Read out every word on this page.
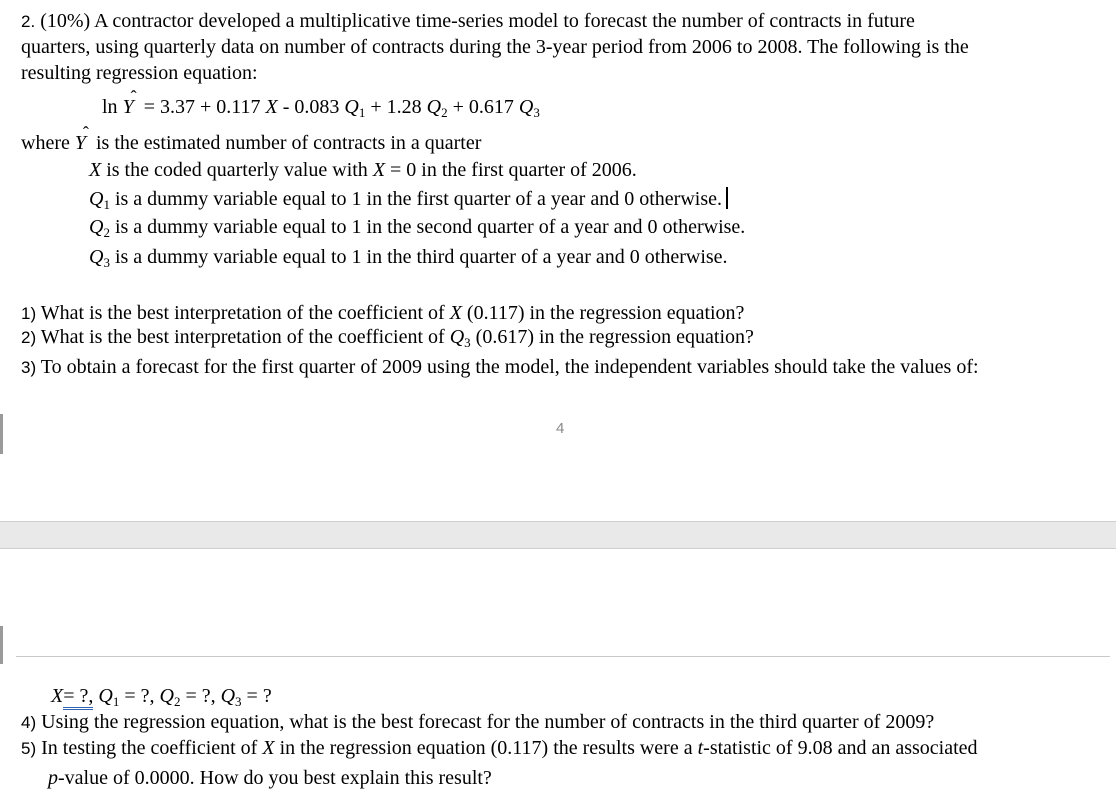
2. (10%) A contractor developed a multiplicative time-series model to forecast the number of contracts in future
quarters, using quarterly data on number of contracts during the 3-year period from 2006 to 2008. The following is the
resulting regression equation:
ln Y ˆ = 3.37 + 0.117 X - 0.083 $Q_1 + 1.28$ $Q_2 + 0.617$ $Q_3$
where Y ˆ is the estimated number of contracts in a quarter
X is the coded quarterly value with X = 0 in the first quarter of 2006.
$Q_1$ is a dummy variable equal to 1 in the first quarter of a year and 0 otherwise.
$Q_2$ is a dummy variable equal to 1 in the second quarter of a year and 0 otherwise.
$Q_3$ is a dummy variable equal to 1 in the third quarter of a year and 0 otherwise.
1) What is the best interpretation of the coefficient of X (0.117) in the regression equation?
2) What is the best interpretation of the coefficient of $Q_3$ (0.617) in the regression equation?
3) To obtain a forecast for the first quarter of 2009 using the model, the independent variables should take the values of:
4
X= ?, $Q_1$ = ?, $Q_2$ = ?, $Q_3$ = ?
4) Using the regression equation, what is the best forecast for the number of contracts in the third quarter of 2009?
5) In testing the coefficient of X in the regression equation (0.117) the results were a t-statistic of 9.08 and an associated
p-value of 0.0000. How do you best explain this result?
